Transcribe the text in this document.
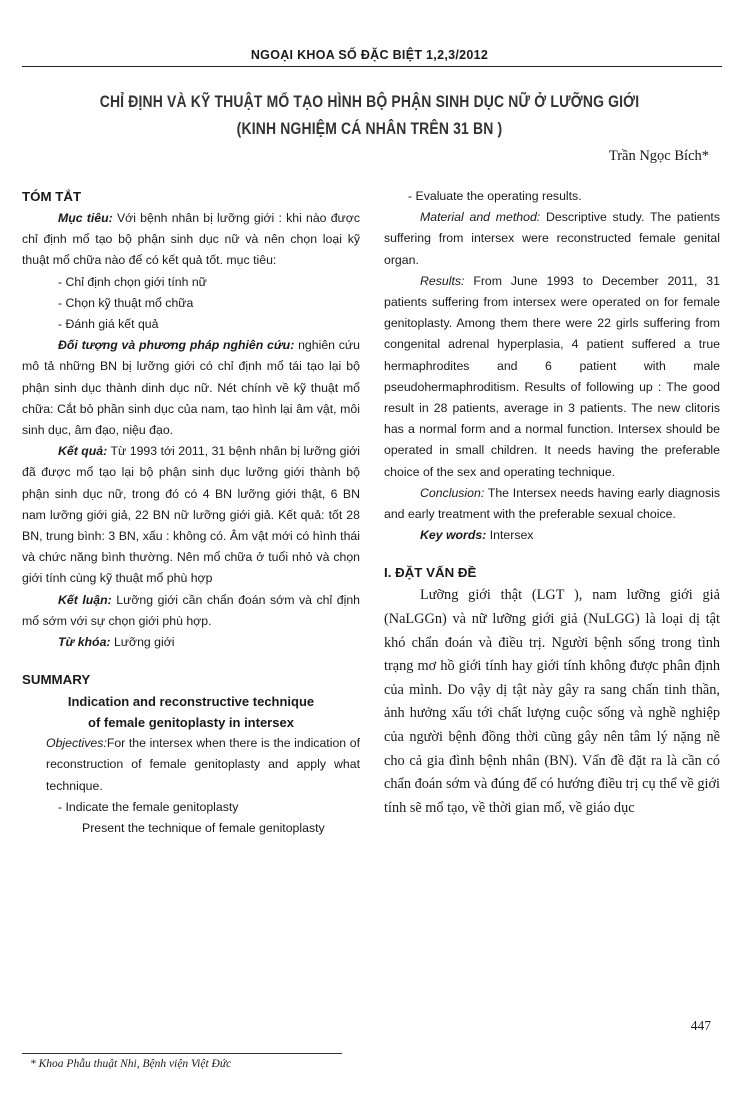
NGOẠI KHOA SỐ ĐẶC BIỆT 1,2,3/2012
CHỈ ĐỊNH VÀ KỸ THUẬT MỔ TẠO HÌNH BỘ PHẬN SINH DỤC NỮ Ở LƯỠNG GIỚI
(KINH NGHIỆM CÁ NHÂN TRÊN 31 BN )
Trần Ngọc Bích*

TÓM TẮT

Mục tiêu: Với bệnh nhân bị lưỡng giới : khi nào được chỉ định mổ tạo bộ phận sinh dục nữ và nên chọn loại kỹ thuật mổ chữa nào để có kết quả tốt. mục tiêu:

- Chỉ định chọn giới tính nữ

- Chọn kỹ thuật mổ chữa

- Đánh giá kết quả

Đối tượng và phương pháp nghiên cứu: nghiên cứu mô tả những BN bị lưỡng giới có chỉ định mổ tái tạo lại bộ phận sinh dục thành dinh dục nữ. Nét chính về kỹ thuật mổ chữa: Cắt bỏ phần sinh dục của nam, tạo hình lại âm vật, môi sinh dục, âm đạo, niệu đạo.

Kết quả: Từ 1993 tới 2011, 31 bệnh nhân bị lưỡng giới đã được mổ tạo lại bộ phận sinh dục lưỡng giới thành bộ phận sinh dục nữ, trong đó có 4 BN lưỡng giới thật, 6 BN nam lưỡng giới giả, 22 BN nữ lưỡng giới giả. Kết quả: tốt 28 BN, trung bình: 3 BN, xấu : không có. Âm vật mới có hình thái và chức năng bình thường. Nên mổ chữa ở tuổi nhỏ và chọn giới tính cùng kỹ thuật mổ phù hợp

Kết luận: Lưỡng giới cần chẩn đoán sớm và chỉ định mổ sớm với sự chọn giới phù hợp.

Từ khóa: Lưỡng giới

SUMMARY

Indication and reconstructive technique

of female genitoplasty in intersex

Objectives:For the intersex when there is the indication of reconstruction of female genitoplasty and apply what technique.

- Indicate the female genitoplasty

Present the technique of female genitoplasty

- Evaluate the operating results.

Material and method: Descriptive study. The patients suffering from intersex were reconstructed female genital organ.

Results: From June 1993 to December 2011, 31 patients suffering from intersex were operated on for female genitoplasty. Among them there were 22 girls suffering from congenital adrenal hyperplasia, 4 patient suffered a true hermaphrodites and 6 patient with male pseudohermaphroditism. Results of following up : The good result in 28 patients, average in 3 patients. The new clitoris has a normal form and a normal function. Intersex should be operated in small children. It needs having the preferable choice of the sex and operating technique.

Conclusion: The Intersex needs having early diagnosis and early treatment with the preferable sexual choice.

Key words: Intersex

I. ĐẶT VẤN ĐỀ

Lưỡng giới thật (LGT ), nam lưỡng giới giả (NaLGGn) và nữ lưỡng giới giả (NuLGG) là loại dị tật khó chẩn đoán và điều trị. Người bệnh sống trong tình trạng mơ hồ giới tính hay giới tính không được phân định của mình. Do vậy dị tật này gây ra sang chấn tinh thần, ảnh hưởng xấu tới chất lượng cuộc sống và nghề nghiệp của người bệnh đồng thời cũng gây nên tâm lý nặng nề cho cả gia đình bệnh nhân (BN). Vấn đề đặt ra là cần có chẩn đoán sớm và đúng để có hướng điều trị cụ thể về giới tính sẽ mổ tạo, về thời gian mổ, về giáo dục

447
* Khoa Phẫu thuật Nhi, Bệnh viện Việt Đức
